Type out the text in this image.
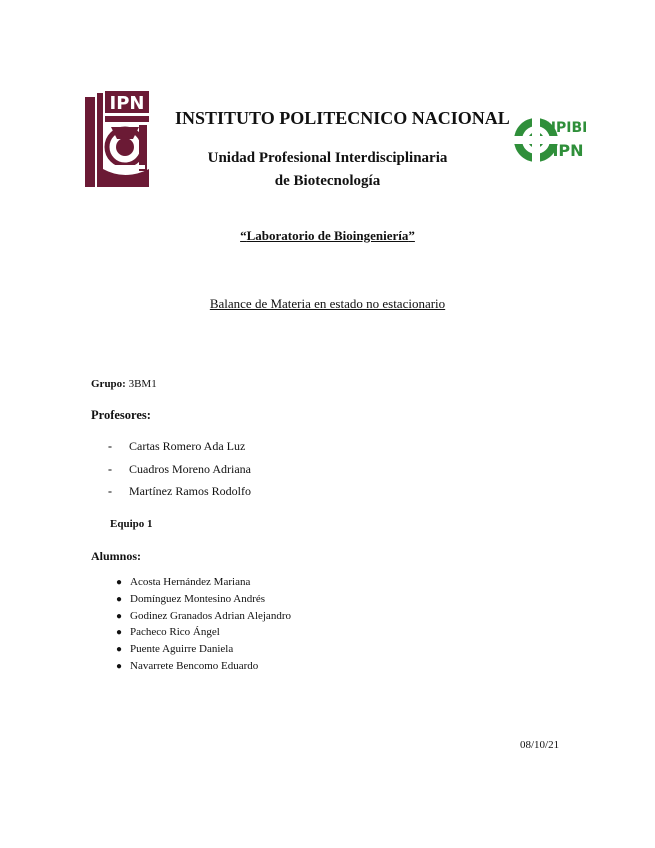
IPN
INSTITUTO POLITECNICO NACIONAL UPIBI
IPN
Unidad Profesional Interdisciplinaria
de Biotecnología
“Laboratorio de Bioingeniería”
Balance de Materia en estado no estacionario
Grupo: 3BM1
Profesores:
- Cartas Romero Ada Luz
- Cuadros Moreno Adriana
- Martínez Ramos Rodolfo
Equipo 1
Alumnos:
● Acosta Hernández Mariana
● Domínguez Montesino Andrés
● Godinez Granados Adrian Alejandro
● Pacheco Rico Ángel
● Puente Aguirre Daniela
● Navarrete Bencomo Eduardo
08/10/21
